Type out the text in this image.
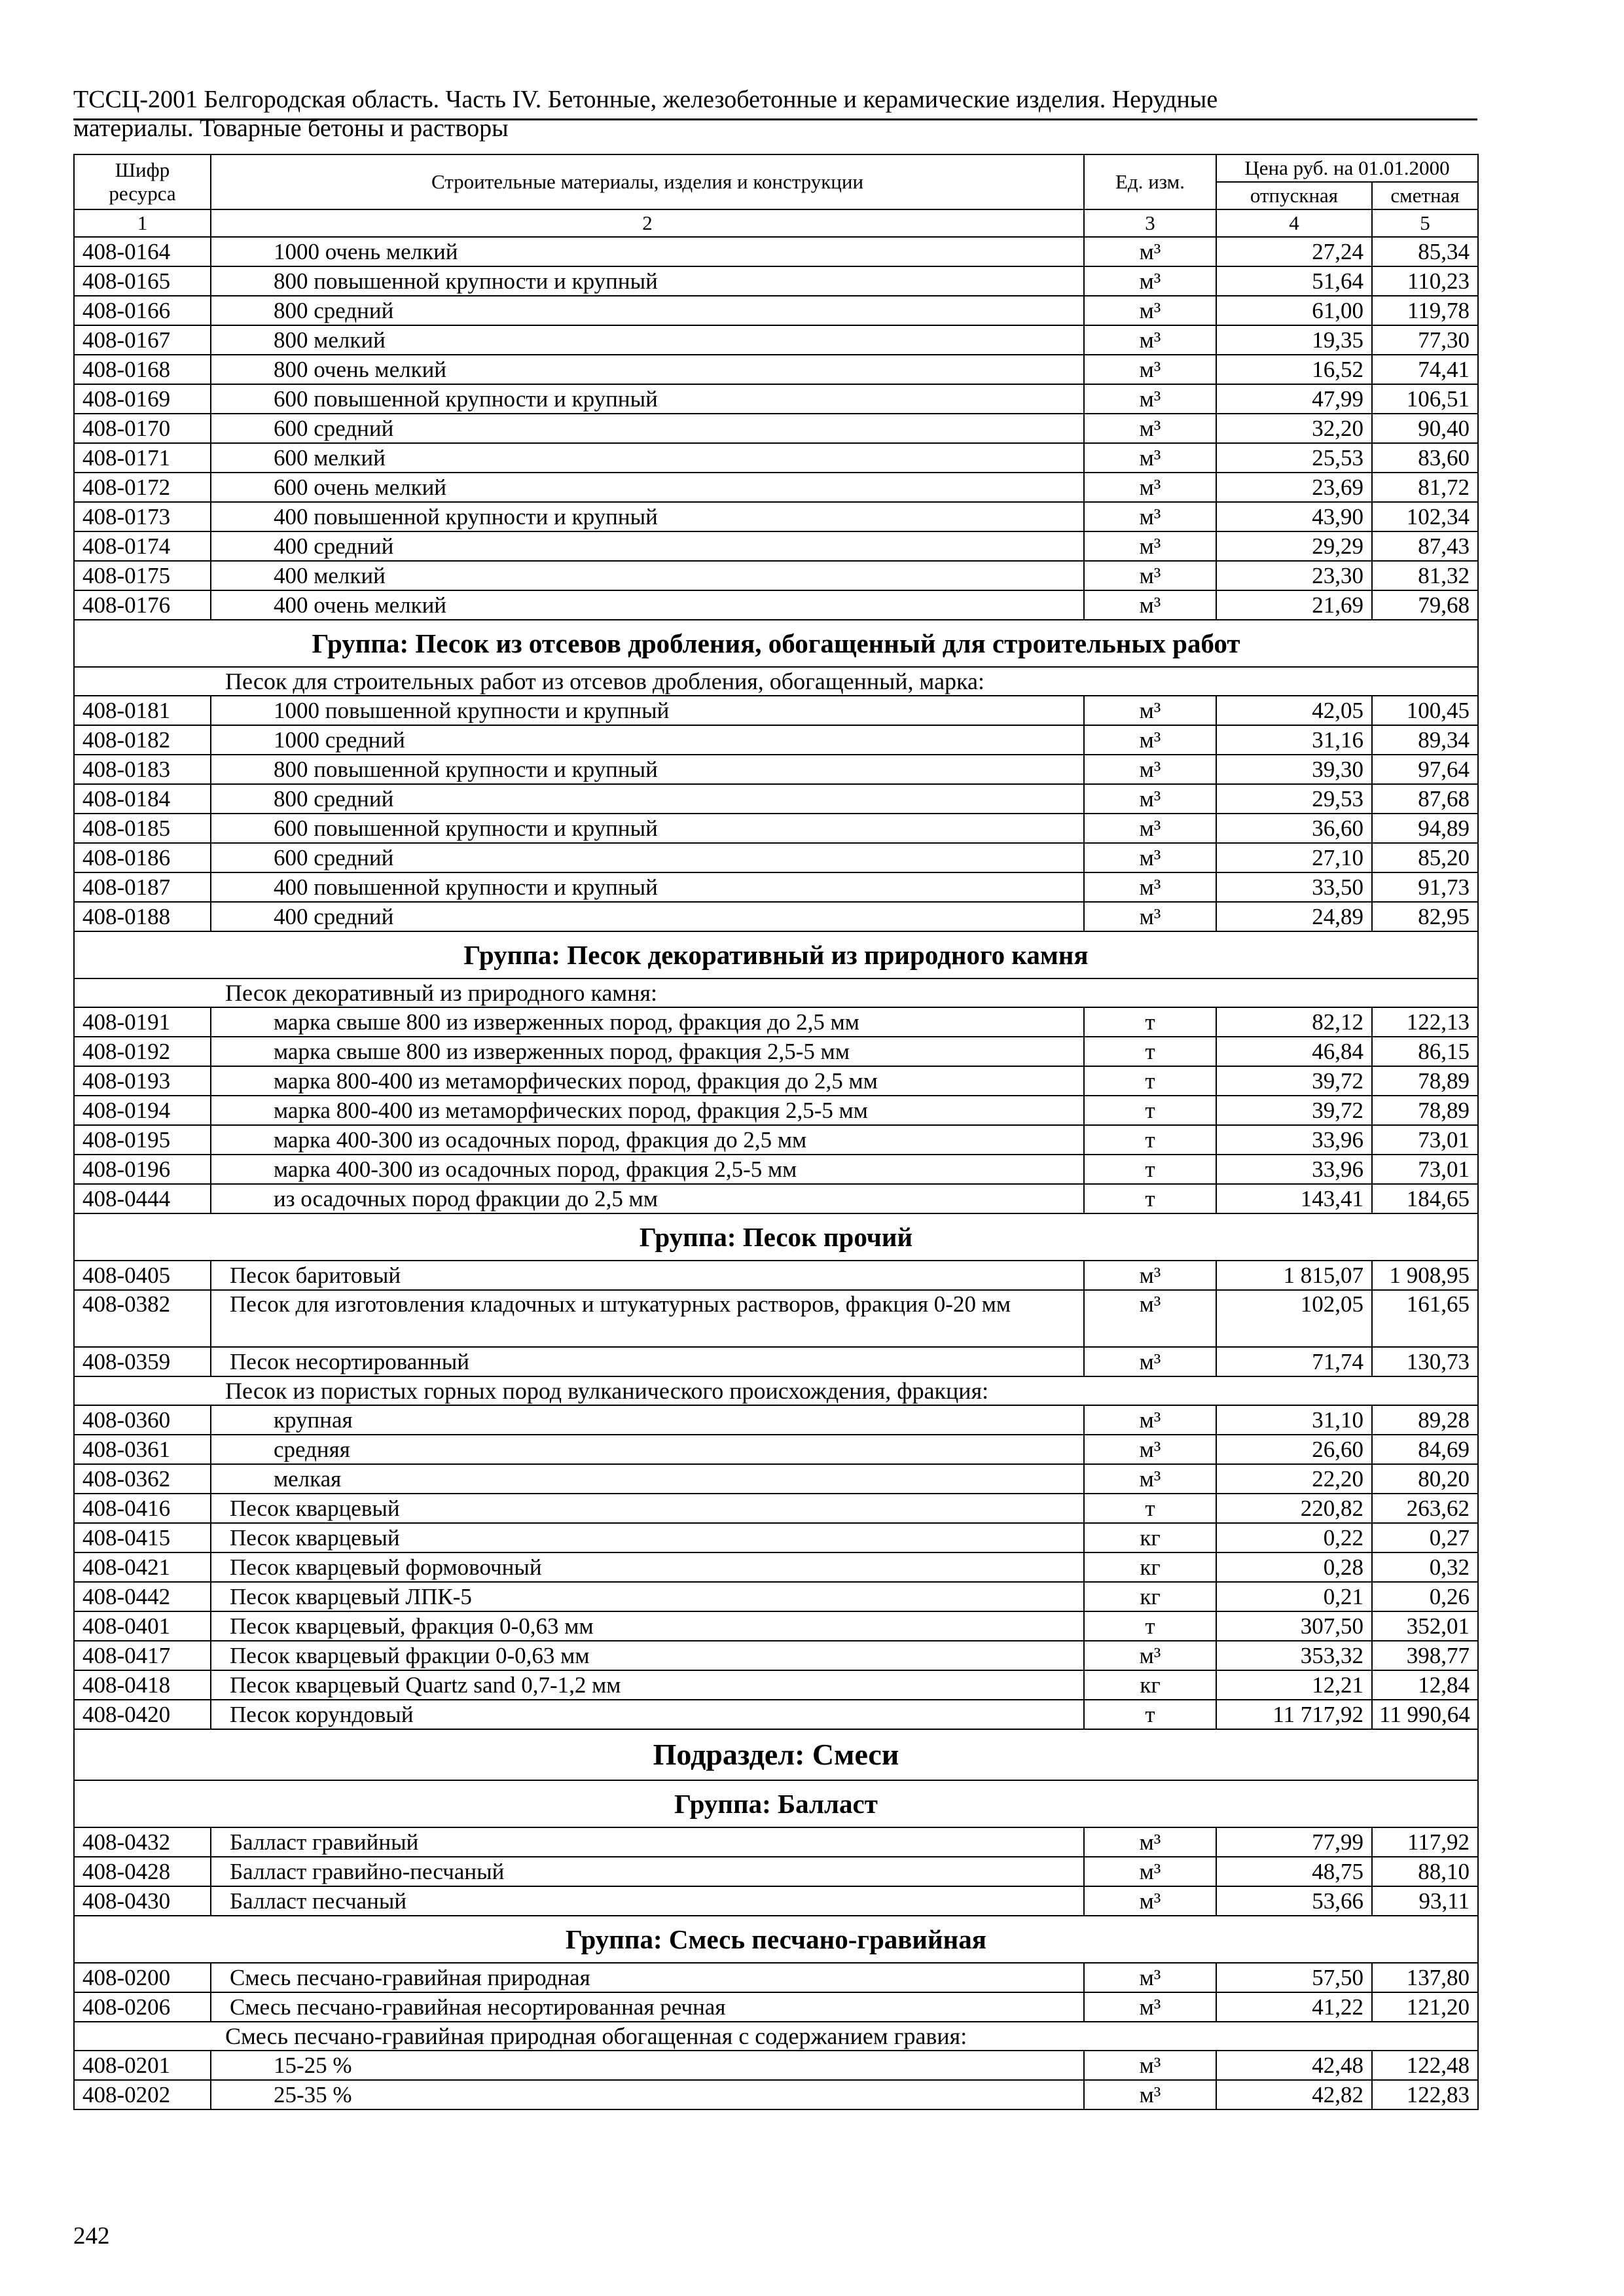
ТССЦ-2001 Белгородская область. Часть IV. Бетонные, железобетонные и керамические изделия. Нерудные
материалы. Товарные бетоны и растворы
Шифр ресурса	Строительные материалы, изделия и конструкции	Ед. изм.	Цена руб. на 01.01.2000	
			отпускная	сметная
1	2	3	4	5
408-0164	1000 очень мелкий	м³	27,24	85,34
408-0165	800 повышенной крупности и крупный	м³	51,64	110,23
408-0166	800 средний	м³	61,00	119,78
408-0167	800 мелкий	м³	19,35	77,30
408-0168	800 очень мелкий	м³	16,52	74,41
408-0169	600 повышенной крупности и крупный	м³	47,99	106,51
408-0170	600 средний	м³	32,20	90,40
408-0171	600 мелкий	м³	25,53	83,60
408-0172	600 очень мелкий	м³	23,69	81,72
408-0173	400 повышенной крупности и крупный	м³	43,90	102,34
408-0174	400 средний	м³	29,29	87,43
408-0175	400 мелкий	м³	23,30	81,32
408-0176	400 очень мелкий	м³	21,69	79,68
Группа: Песок из отсевов дробления, обогащенный для строительных работ				
Песок для строительных работ из отсевов дробления, обогащенный, марка:				
408-0181	1000 повышенной крупности и крупный	м³	42,05	100,45
408-0182	1000 средний	м³	31,16	89,34
408-0183	800 повышенной крупности и крупный	м³	39,30	97,64
408-0184	800 средний	м³	29,53	87,68
408-0185	600 повышенной крупности и крупный	м³	36,60	94,89
408-0186	600 средний	м³	27,10	85,20
408-0187	400 повышенной крупности и крупный	м³	33,50	91,73
408-0188	400 средний	м³	24,89	82,95
Группа: Песок декоративный из природного камня				
Песок декоративный из природного камня:				
408-0191	марка свыше 800 из изверженных пород, фракция до 2,5 мм	т	82,12	122,13
408-0192	марка свыше 800 из изверженных пород, фракция 2,5-5 мм	т	46,84	86,15
408-0193	марка 800-400 из метаморфических пород, фракция до 2,5 мм	т	39,72	78,89
408-0194	марка 800-400 из метаморфических пород, фракция 2,5-5 мм	т	39,72	78,89
408-0195	марка 400-300 из осадочных пород, фракция до 2,5 мм	т	33,96	73,01
408-0196	марка 400-300 из осадочных пород, фракция 2,5-5 мм	т	33,96	73,01
408-0444	из осадочных пород фракции до 2,5 мм	т	143,41	184,65
Группа: Песок прочий				
408-0405	Песок баритовый	м³	1 815,07	1 908,95
408-0382	Песок для изготовления кладочных и штукатурных растворов, фракция 0-20 мм	м³	102,05	161,65
408-0359	Песок несортированный	м³	71,74	130,73
Песок из пористых горных пород вулканического происхождения, фракция:				
408-0360	крупная	м³	31,10	89,28
408-0361	средняя	м³	26,60	84,69
408-0362	мелкая	м³	22,20	80,20
408-0416	Песок кварцевый	т	220,82	263,62
408-0415	Песок кварцевый	кг	0,22	0,27
408-0421	Песок кварцевый формовочный	кг	0,28	0,32
408-0442	Песок кварцевый ЛПК-5	кг	0,21	0,26
408-0401	Песок кварцевый, фракция 0-0,63 мм	т	307,50	352,01
408-0417	Песок кварцевый фракции 0-0,63 мм	м³	353,32	398,77
408-0418	Песок кварцевый Quartz sand 0,7-1,2 мм	кг	12,21	12,84
408-0420	Песок корундовый	т	11 717,92	11 990,64
Подраздел: Смеси				
Группа: Балласт				
408-0432	Балласт гравийный	м³	77,99	117,92
408-0428	Балласт гравийно-песчаный	м³	48,75	88,10
408-0430	Балласт песчаный	м³	53,66	93,11
Группа: Смесь песчано-гравийная				
408-0200	Смесь песчано-гравийная природная	м³	57,50	137,80
408-0206	Смесь песчано-гравийная несортированная речная	м³	41,22	121,20
Смесь песчано-гравийная природная обогащенная с содержанием гравия:				
408-0201	15-25 %	м³	42,48	122,48
408-0202	25-35 %	м³	42,82	122,83
242
